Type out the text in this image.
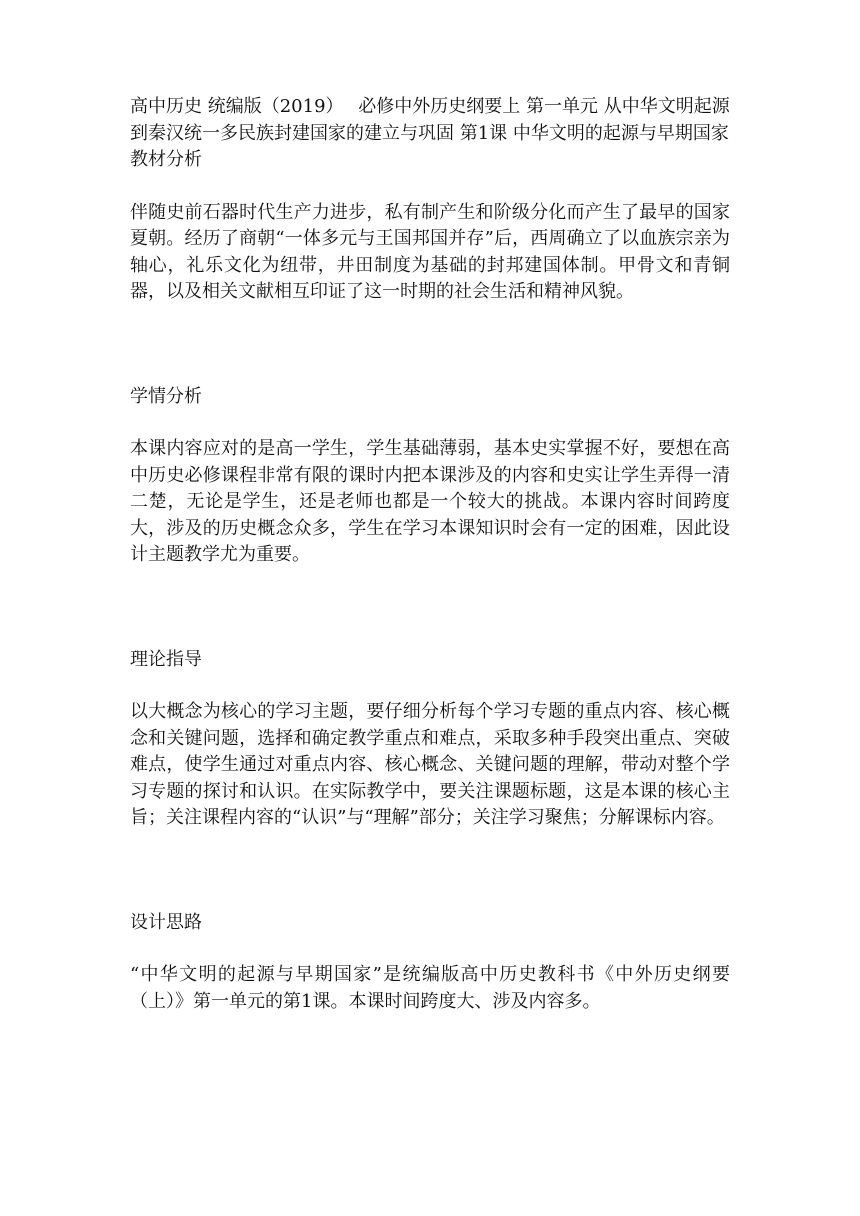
高中历史 统编版（2019）　 必修中外历史纲要上 第一单元 从中华文明起源到秦汉统一多民族封建国家的建立与巩固 第1课 中华文明的起源与早期国家
教材分析

伴随史前石器时代生产力进步，私有制产生和阶级分化而产生了最早的国家夏朝。经历了商朝“一体多元与王国邦国并存”后，西周确立了以血族宗亲为轴心，礼乐文化为纽带，井田制度为基础的封邦建国体制。甲骨文和青铜器，以及相关文献相互印证了这一时期的社会生活和精神风貌。

学情分析

本课内容应对的是高一学生，学生基础薄弱，基本史实掌握不好，要想在高中历史必修课程非常有限的课时内把本课涉及的内容和史实让学生弄得一清二楚，无论是学生，还是老师也都是一个较大的挑战。本课内容时间跨度大，涉及的历史概念众多，学生在学习本课知识时会有一定的困难，因此设计主题教学尤为重要。

理论指导

以大概念为核心的学习主题，要仔细分析每个学习专题的重点内容、核心概念和关键问题，选择和确定教学重点和难点，采取多种手段突出重点、突破难点，使学生通过对重点内容、核心概念、关键问题的理解，带动对整个学习专题的探讨和认识。在实际教学中，要关注课题标题，这是本课的核心主旨；关注课程内容的“认识”与“理解”部分；关注学习聚焦；分解课标内容。

设计思路

“中华文明的起源与早期国家”是统编版高中历史教科书《中外历史纲要（上）》第一单元的第1课。本课时间跨度大、涉及内容多。
